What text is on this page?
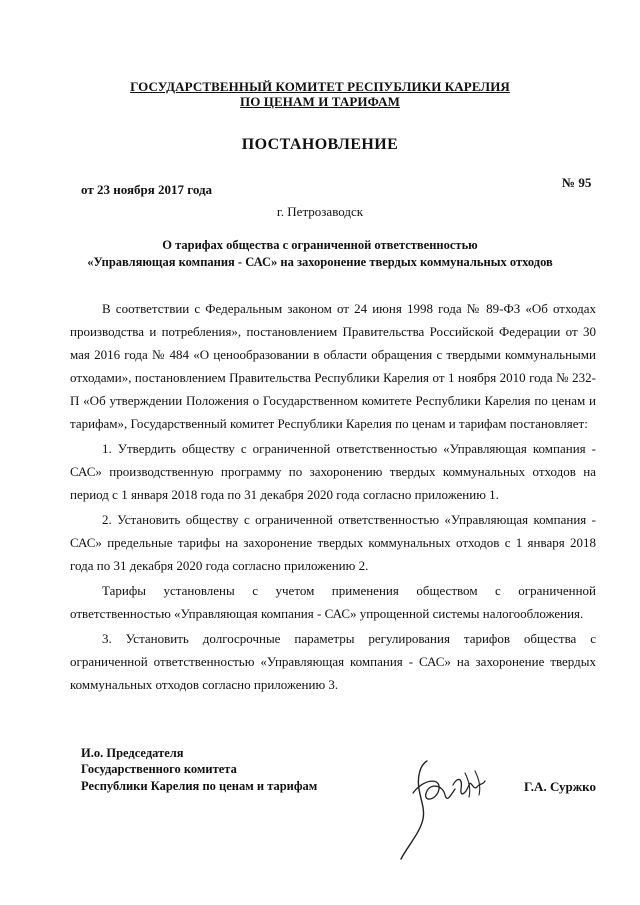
ГОСУДАРСТВЕННЫЙ КОМИТЕТ РЕСПУБЛИКИ КАРЕЛИЯ
ПО ЦЕНАМ И ТАРИФАМ
ПОСТАНОВЛЕНИЕ
от 23 ноября 2017 года	№ 95
г. Петрозаводск
О тарифах общества с ограниченной ответственностью
«Управляющая компания - САС» на захоронение твердых коммунальных отходов

В соответствии с Федеральным законом от 24 июня 1998 года № 89-ФЗ «Об отходах производства и потребления», постановлением Правительства Российской Федерации от 30 мая 2016 года № 484 «О ценообразовании в области обращения с твердыми коммунальными отходами», постановлением Правительства Республики Карелия от 1 ноября 2010 года № 232-П «Об утверждении Положения о Государственном комитете Республики Карелия по ценам и тарифам», Государственный комитет Республики Карелия по ценам и тарифам постановляет:

1. Утвердить обществу с ограниченной ответственностью «Управляющая компания - САС» производственную программу по захоронению твердых коммунальных отходов на период с 1 января 2018 года по 31 декабря 2020 года согласно приложению 1.

2. Установить обществу с ограниченной ответственностью «Управляющая компания - САС» предельные тарифы на захоронение твердых коммунальных отходов с 1 января 2018 года по 31 декабря 2020 года согласно приложению 2.

Тарифы установлены с учетом применения обществом с ограниченной ответственностью «Управляющая компания - САС» упрощенной системы налогообложения.

3. Установить долгосрочные параметры регулирования тарифов общества с ограниченной ответственностью «Управляющая компания - САС» на захоронение твердых коммунальных отходов согласно приложению 3.

И.о. Председателя
Государственного комитета
Республики Карелия по ценам и тарифам	Г.А. Суржко
